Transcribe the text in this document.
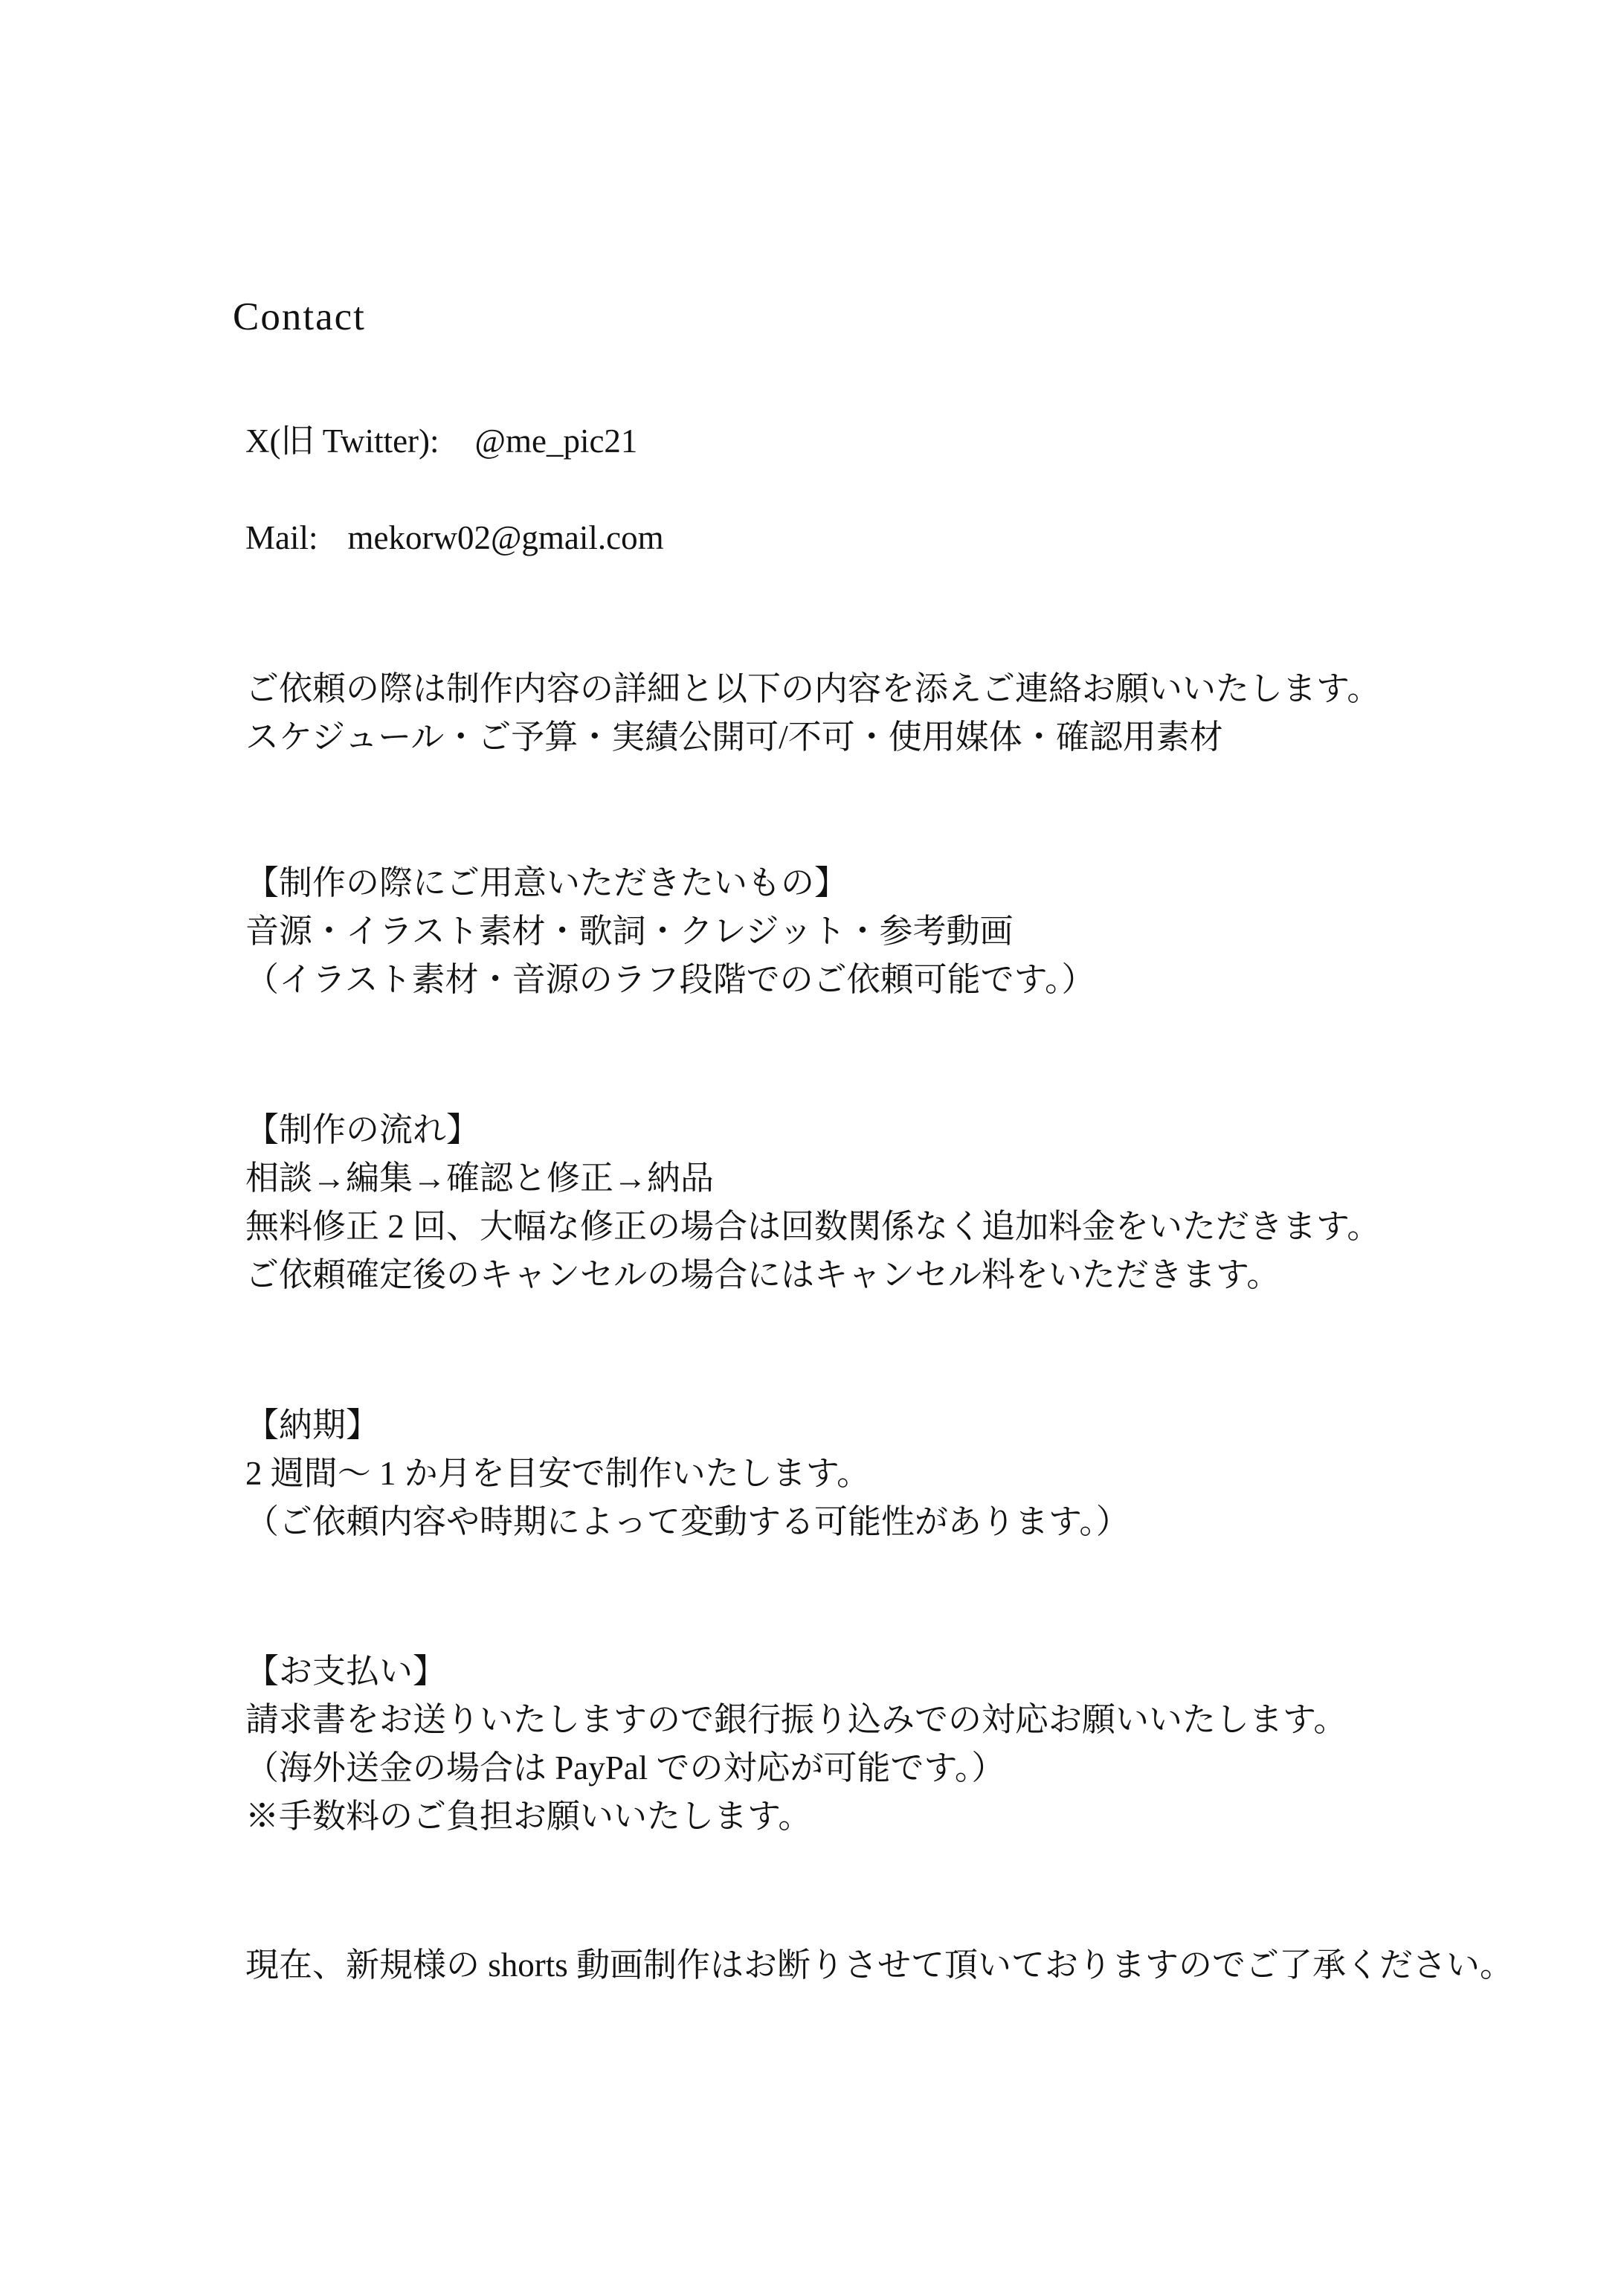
Contact

X(旧 Twitter): @me_pic21

Mail: mekorw02@gmail.com

ご依頼の際は制作内容の詳細と以下の内容を添えご連絡お願いいたします。

スケジュール・ご予算・実績公開可/不可・使用媒体・確認用素材

【制作の際にご用意いただきたいもの】

音源・イラスト素材・歌詞・クレジット・参考動画

（イラスト素材・音源のラフ段階でのご依頼可能です。）

【制作の流れ】

相談→編集→確認と修正→納品

無料修正 2 回、大幅な修正の場合は回数関係なく追加料金をいただきます。

ご依頼確定後のキャンセルの場合にはキャンセル料をいただきます。

【納期】

2 週間～ 1 か月を目安で制作いたします。

（ご依頼内容や時期によって変動する可能性があります。）

【お支払い】

請求書をお送りいたしますので銀行振り込みでの対応お願いいたします。

（海外送金の場合は PayPal での対応が可能です。）

※手数料のご負担お願いいたします。

現在、新規様の shorts 動画制作はお断りさせて頂いておりますのでご了承ください。
